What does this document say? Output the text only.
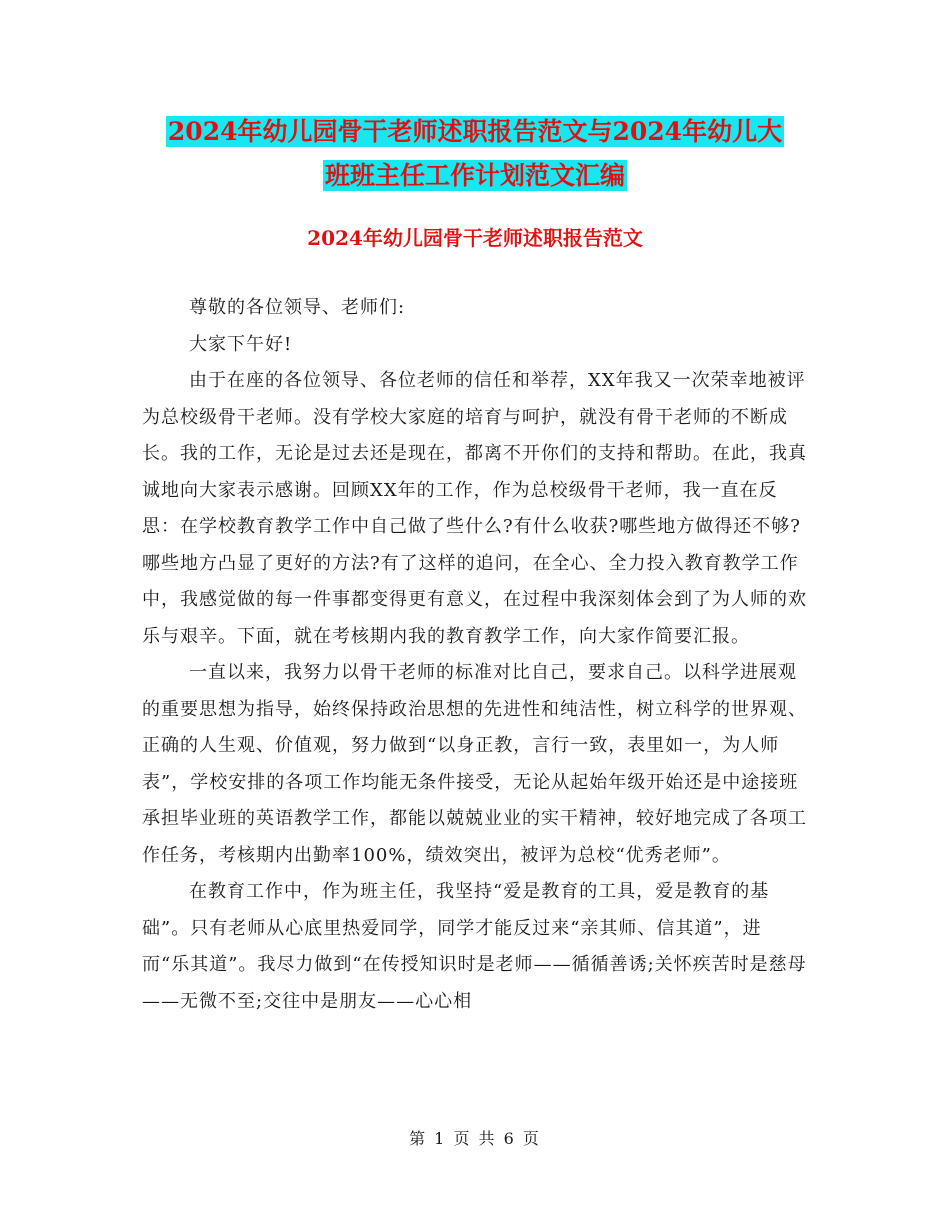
2024年幼儿园骨干老师述职报告范文与2024年幼儿大
班班主任工作计划范文汇编
2024年幼儿园骨干老师述职报告范文

尊敬的各位领导、老师们:

大家下午好!

由于在座的各位领导、各位老师的信任和举荐，XX年我又一次荣幸地被评为总校级骨干老师。没有学校大家庭的培育与呵护，就没有骨干老师的不断成长。我的工作，无论是过去还是现在，都离不开你们的支持和帮助。在此，我真诚地向大家表示感谢。回顾XX年的工作，作为总校级骨干老师，我一直在反思：在学校教育教学工作中自己做了些什么?有什么收获?哪些地方做得还不够?哪些地方凸显了更好的方法?有了这样的追问，在全心、全力投入教育教学工作中，我感觉做的每一件事都变得更有意义，在过程中我深刻体会到了为人师的欢乐与艰辛。下面，就在考核期内我的教育教学工作，向大家作简要汇报。

一直以来，我努力以骨干老师的标准对比自己，要求自己。以科学进展观的重要思想为指导，始终保持政治思想的先进性和纯洁性，树立科学的世界观、正确的人生观、价值观，努力做到“以身正教，言行一致，表里如一，为人师表”，学校安排的各项工作均能无条件接受，无论从起始年级开始还是中途接班承担毕业班的英语教学工作，都能以兢兢业业的实干精神，较好地完成了各项工作任务，考核期内出勤率100%，绩效突出，被评为总校“优秀老师”。

在教育工作中，作为班主任，我坚持“爱是教育的工具，爱是教育的基础”。只有老师从心底里热爱同学，同学才能反过来“亲其师、信其道”，进而“乐其道”。我尽力做到“在传授知识时是老师——循循善诱;关怀疾苦时是慈母——无微不至;交往中是朋友——心心相

第 1 页 共 6 页
